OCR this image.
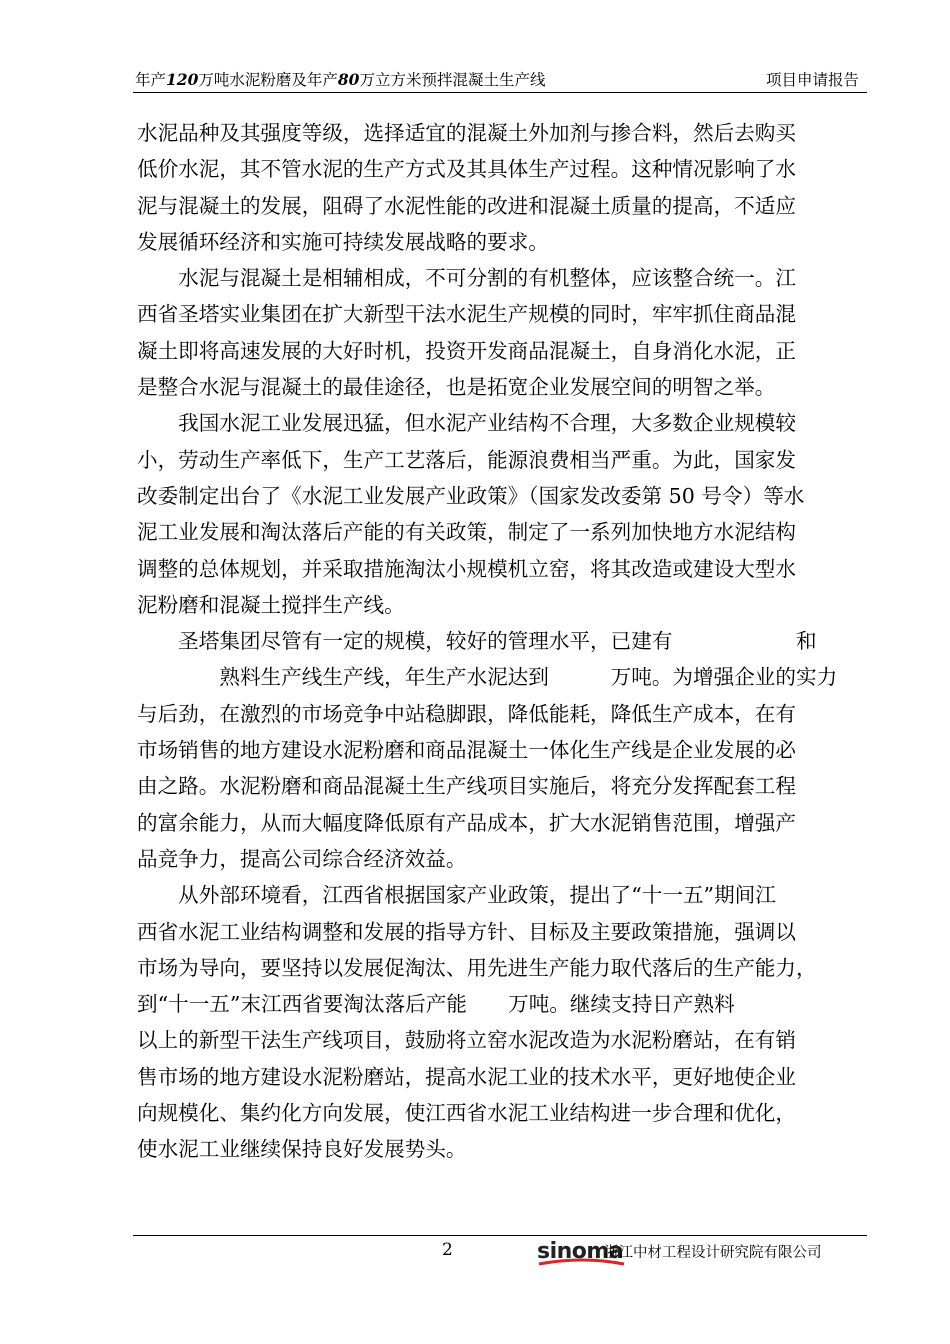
年产120万吨水泥粉磨及年产80万立方米预拌混凝土生产线	项目申请报告
水泥品种及其强度等级，选择适宜的混凝土外加剂与掺合料，然后去购买
低价水泥，其不管水泥的生产方式及其具体生产过程。这种情况影响了水
泥与混凝土的发展，阻碍了水泥性能的改进和混凝土质量的提高，不适应
发展循环经济和实施可持续发展战略的要求。
　　水泥与混凝土是相辅相成，不可分割的有机整体，应该整合统一。江
西省圣塔实业集团在扩大新型干法水泥生产规模的同时，牢牢抓住商品混
凝土即将高速发展的大好时机，投资开发商品混凝土，自身消化水泥，正
是整合水泥与混凝土的最佳途径，也是拓宽企业发展空间的明智之举。
　　我国水泥工业发展迅猛，但水泥产业结构不合理，大多数企业规模较
小，劳动生产率低下，生产工艺落后，能源浪费相当严重。为此，国家发
改委制定出台了《水泥工业发展产业政策》（国家发改委第 50 号令）等水
泥工业发展和淘汰落后产能的有关政策，制定了一系列加快地方水泥结构
调整的总体规划，并采取措施淘汰小规模机立窑，将其改造或建设大型水
泥粉磨和混凝土搅拌生产线。
　　圣塔集团尽管有一定的规模，较好的管理水平，已建有　　　　　　和
　　　　熟料生产线生产线，年生产水泥达到　　　万吨。为增强企业的实力
与后劲，在激烈的市场竞争中站稳脚跟，降低能耗，降低生产成本，在有
市场销售的地方建设水泥粉磨和商品混凝土一体化生产线是企业发展的必
由之路。水泥粉磨和商品混凝土生产线项目实施后，将充分发挥配套工程
的富余能力，从而大幅度降低原有产品成本，扩大水泥销售范围，增强产
品竞争力，提高公司综合经济效益。
　　从外部环境看，江西省根据国家产业政策，提出了“十一五”期间江
西省水泥工业结构调整和发展的指导方针、目标及主要政策措施，强调以
市场为导向，要坚持以发展促淘汰、用先进生产能力取代落后的生产能力，
到“十一五”末江西省要淘汰落后产能　　万吨。继续支持日产熟料
以上的新型干法生产线项目，鼓励将立窑水泥改造为水泥粉磨站，在有销
售市场的地方建设水泥粉磨站，提高水泥工业的技术水平，更好地使企业
向规模化、集约化方向发展，使江西省水泥工业结构进一步合理和优化，
使水泥工业继续保持良好发展势头。
2	sinoma
浙江中材工程设计研究院有限公司
